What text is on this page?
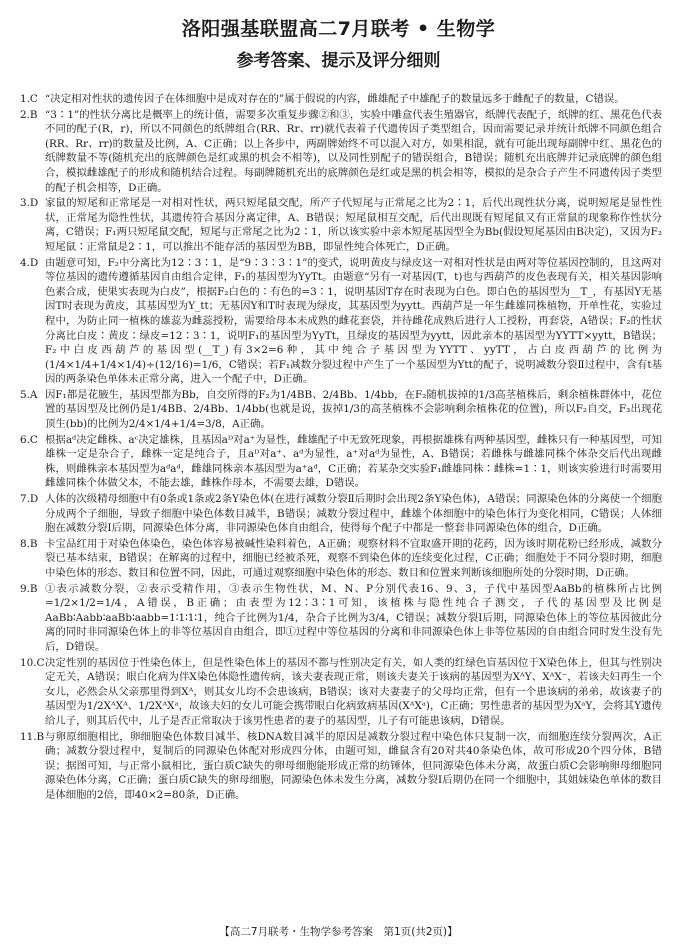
洛阳强基联盟高二7月联考 • 生物学
参考答案、提示及评分细则
1.C “决定相对性状的遗传因子在体细胞中是成对存在的”属于假说的内容，雌雄配子中雄配子的数量远多于雌配子的数量，C错误。
2.B “3∶1”的性状分离比是概率上的统计值，需要多次重复步骤②和③，实验中雕盒代表生殖器官，纸牌代表配子，纸牌的红、黑花色代表不同的配子(R，r)，所以不同颜色的纸牌组合(RR、Rr、rr)就代表着子代遗传因子类型组合，因而需要记录并统计纸牌不同颜色组合(RR、Rr、rr)的数量及比例，A、C正确；以上各步中，两副牌始终不可以混入对方，如果相混，就有可能出现每副牌中红、黑花色的纸牌数量不等(随机充出的底牌颜色是红或黑的机会不相等)，以及同性别配子的错误组合，B错误；随机充出底牌并记录底牌的颜色组合，模拟雌雄配子的形成和随机结合过程。每副牌随机充出的底牌颜色是红或是黑的机会相等，模拟的是杂合子产生不同遗传因子类型的配子机会相等，D正确。
3.D 家鼠的短尾和正常尾是一对相对性状，两只短尾鼠交配，所产子代短尾与正常尾之比为2∶1，后代出现性状分离，说明短尾是显性性状，正常尾为隐性性状，其遗传符合基因分离定律，A、B错误；短尾鼠相互交配，后代出现既有短尾鼠又有正常鼠的现象称作性状分离，C错误；F₁两只短尾鼠交配，短尾与正常尾之比为2∶1，所以该实验中亲本短尾基因型全为Bb(假设短尾基因由B决定)，又因为F₂短尾鼠∶正常鼠是2∶1，可以推出不能存活的基因型为BB，即显性纯合体死亡，D正确。
4.D 由题意可知，F₂中分离比为12∶3∶1，是“9∶3∶3∶1”的变式，说明黄皮与绿皮这一对相对性状是由两对等位基因控制的，且这两对等位基因的遗传遵循基因自由组合定律，F₁的基因型为YyTt。由题意“另有一对基因(T，t)也与西葫芦的皮色表现有关，相关基因影响色素合成，使果实表现为白皮”，根据F₂白色的∶有色的=3∶1，说明基因T存在时表现为白色。即白色的基因型为__T_，有基因Y无基因T时表现为黄皮，其基因型为Y_tt；无基因Y和T时表现为绿皮，其基因型为yytt。西葫芦是一年生雌雄同株植物，开单性花，实验过程中，为防止同一植株的雄蕊为雌蕊授粉，需要给母本未成熟的雌花套袋，并待雌花成熟后进行人工授粉，再套袋，A错误；F₂的性状分离比白皮∶黄皮∶绿皮=12∶3∶1，说明F₁的基因型为YyTt，且绿皮的基因型为yytt，因此亲本的基因型为YYTT×yytt，B错误；F₂中白皮西葫芦的基因型(__T_)有3×2=6种，其中纯合子基因型为YYTT、yyTT，占白皮西葫芦的比例为(1/4×1/4+1/4×1/4)÷(12/16)=1/6，C错误；若F₁减数分裂过程中产生了一个基因型为Ytt的配子，说明减数分裂Ⅱ过程中，含有t基因的两条染色单体未正常分离，进入一个配子中，D正确。
5.A 因F₁都是花腋生，基因型都为Bb，自交所得的F₂为1/4BB、2/4Bb、1/4bb，在F₂随机拔掉的1/3高茎植株后，剩余植株群体中，花位置的基因型及比例仍是1/4BB、2/4Bb、1/4bb(也就是说，拔掉1/3的高茎植株不会影响剩余植株花的位置)，所以F₂自交，F₃出现花顶生(bb)的比例为2/4×1/4+1/4=3/8，A正确。
6.C 根据aᵈ决定雌株、aᶜ决定雄株，且基因aᴰ对a⁺为显性，雌雄配子中无致死现象，再根据雄株有两种基因型，雌株只有一种基因型，可知雄株一定是杂合子，雌株一定是纯合子，且aᴰ对a⁺、aᵈ为显性，a⁺对aᵈ为显性，A、B错误；若雌株与雌雄同株个体杂交后代出现雌株，则雌株亲本基因型为aᵈaᵈ，雌雄同株亲本基因型为a⁺aᵈ，C正确；若某杂交实验F₁雌雄同株∶雌株=1∶1，则该实验进行时需要用雌雄同株个体做父本，不能去雄，雌株作母本，不需要去雄，D错误。
7.D 人体的次级精母细胞中有0条或1条或2条Y染色体(在进行减数分裂Ⅱ后期时会出现2条Y染色体)，A错误；同源染色体的分离使一个细胞分成两个子细胞，导致子细胞中染色体数目减半，B错误；减数分裂过程中，雌雄个体细胞中的染色体行为变化相同，C错误；人体细胞在减数分裂Ⅰ后期，同源染色体分离，非同源染色体自由组合，使得每个配子中都是一整套非同源染色体的组合，D正确。
8.B 卡宝品红用于对染色体染色，染色体容易被碱性染料着色，A正确；观察材料不宜取盛开期的花药，因为该时期花粉已经形成，减数分裂已基本结束，B错误；在解离的过程中，细胞已经被杀死，观察不到染色体的连续变化过程，C正确；细胞处于不同分裂时期，细胞中染色体的形态、数目和位置不同，因此，可通过观察细胞中染色体的形态、数目和位置来判断该细胞所处的分裂时期，D正确。
9.B ①表示减数分裂，②表示受精作用，③表示生物性状，M、N、P分别代表16、9、3，子代中基因型AaBb的植株所占比例=1/2×1/2=1/4，A错误，B正确；由表型为12∶3∶1可知，该植株与隐性纯合子测交，子代的基因型及比例是AaBb∶Aabb∶aaBb∶aabb=1∶1∶1∶1，纯合子比例为1/4，杂合子比例为3/4，C错误；减数分裂Ⅰ后期，同源染色体上的等位基因彼此分离的同时非同源染色体上的非等位基因自由组合，即①过程中等位基因的分离和非同源染色体上非等位基因的自由组合同时发生没有先后，D错误。
10.C 决定性别的基因位于性染色体上，但是性染色体上的基因不都与性别决定有关，如人类的红绿色盲基因位于X染色体上，但其与性别决定无关，A错误；眼白化病为伴X染色体隐性遗传病，该夫妻表现正常，则该夫妻关于该病的基因型为XᴬY、XᴬX⁻，若该夫妇再生一个女儿，必然会从父亲那里得到Xᴬ，则其女儿均不会患该病，B错误；该对夫妻妻子的父母均正常，但有一个患该病的弟弟，故该妻子的基因型为1/2XᴬXᴬ、1/2XᴬXᵃ，故该夫妇的女儿可能会携带眼白化病致病基因(XᴬXᵃ)，C正确；男性患者的基因型为XᵃY，会将其Y遗传给儿子，则其后代中，儿子是否正常取决于该男性患者的妻子的基因型，儿子有可能患该病，D错误。
11.B 与卵原细胞相比，卵细胞染色体数目减半、核DNA数目减半的原因是减数分裂过程中染色体只复制一次，而细胞连续分裂两次，A正确；减数分裂过程中，复制后的同源染色体配对形成四分体，由题可知，雌鼠含有20对共40条染色体，故可形成20个四分体，B错误；据图可知，与正常小鼠相比，蛋白质C缺失的卵母细胞能形成正常的纺锤体，但同源染色体未分离，故蛋白质C会影响卵母细胞同源染色体分离，C正确；蛋白质C缺失的卵母细胞，同源染色体未发生分离，减数分裂Ⅰ后期仍在同一个细胞中，其姐妹染色单体的数目是体细胞的2倍，即40×2=80条，D正确。
【高二7月联考・生物学参考答案　第1页(共2页)】
